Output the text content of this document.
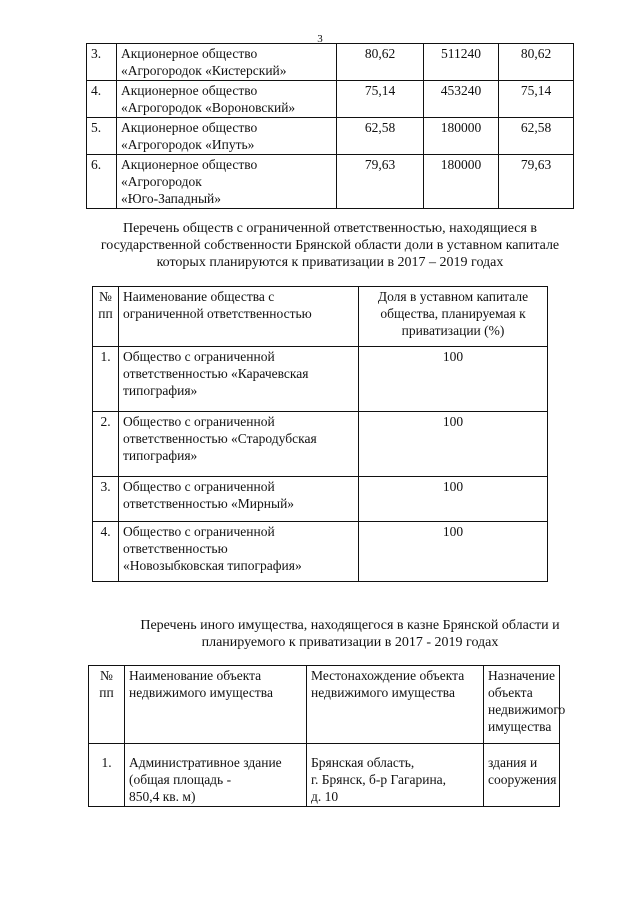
3
3.	Акционерное общество
«Агрогородок «Кистерский»	80,62	511240	80,62
4.	Акционерное общество
«Агрогородок «Вороновский»	75,14	453240	75,14
5.	Акционерное общество
«Агрогородок «Ипуть»	62,58	180000	62,58
6.	Акционерное общество
«Агрогородок
«Юго-Западный»	79,63	180000	79,63
Перечень обществ с ограниченной ответственностью, находящиеся в
государственной собственности Брянской области доли в уставном капитале
которых планируются к приватизации в 2017 – 2019 годах
№
пп	Наименование общества с
ограниченной ответственностью	Доля в уставном капитале
общества, планируемая к
приватизации (%)

1.	Общество с ограниченной
ответственностью «Карачевская
типография»	100
2.	Общество с ограниченной
ответственностью «Стародубская
типография»	100
3.	Общество с ограниченной
ответственностью «Мирный»	100
4.	Общество с ограниченной
ответственностью
«Новозыбковская типография»	100
Перечень иного имущества, находящегося в казне Брянской области и
планируемого к приватизации в 2017 - 2019 годах
№
пп	Наименование объекта
недвижимого имущества	Местонахождение объекта
недвижимого имущества	Назначение
объекта
недвижимого
имущества

1.	Административное здание
(общая площадь -
850,4 кв. м)	Брянская область,
г. Брянск, б-р Гагарина,
д. 10	здания и
сооружения
